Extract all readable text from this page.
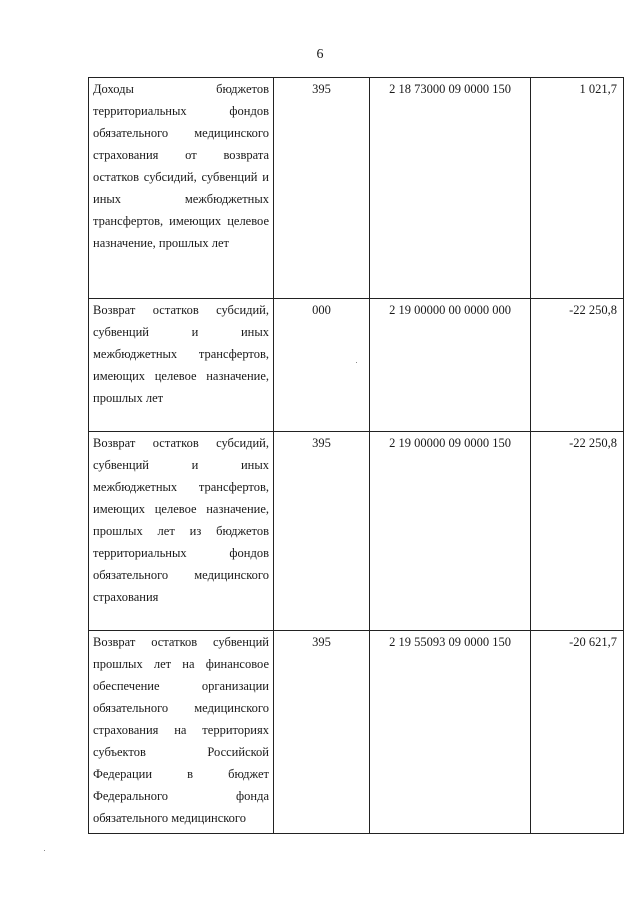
6
Доходы бюджетов территориальных фондов обязательного медицинского страхования от возврата остатков субсидий, субвенций и иных межбюджетных трансфертов, имеющих целевое назначение, прошлых лет	395	2 18 73000 09 0000 150	1 021,7

Возврат остатков субсидий, субвенций и иных межбюджетных трансфертов, имеющих целевое назначение, прошлых лет	000	2 19 00000 00 0000 000	-22 250,8

Возврат остатков субсидий, субвенций и иных межбюджетных трансфертов, имеющих целевое назначение, прошлых лет из бюджетов территориальных фондов обязательного медицинского страхования	395	2 19 00000 09 0000 150	-22 250,8

Возврат остатков субвенций прошлых лет на финансовое обеспечение организации обязательного медицинского страхования на территориях субъектов Российской Федерации в бюджет Федерального фонда обязательного медицинского	395	2 19 55093 09 0000 150	-20 621,7
